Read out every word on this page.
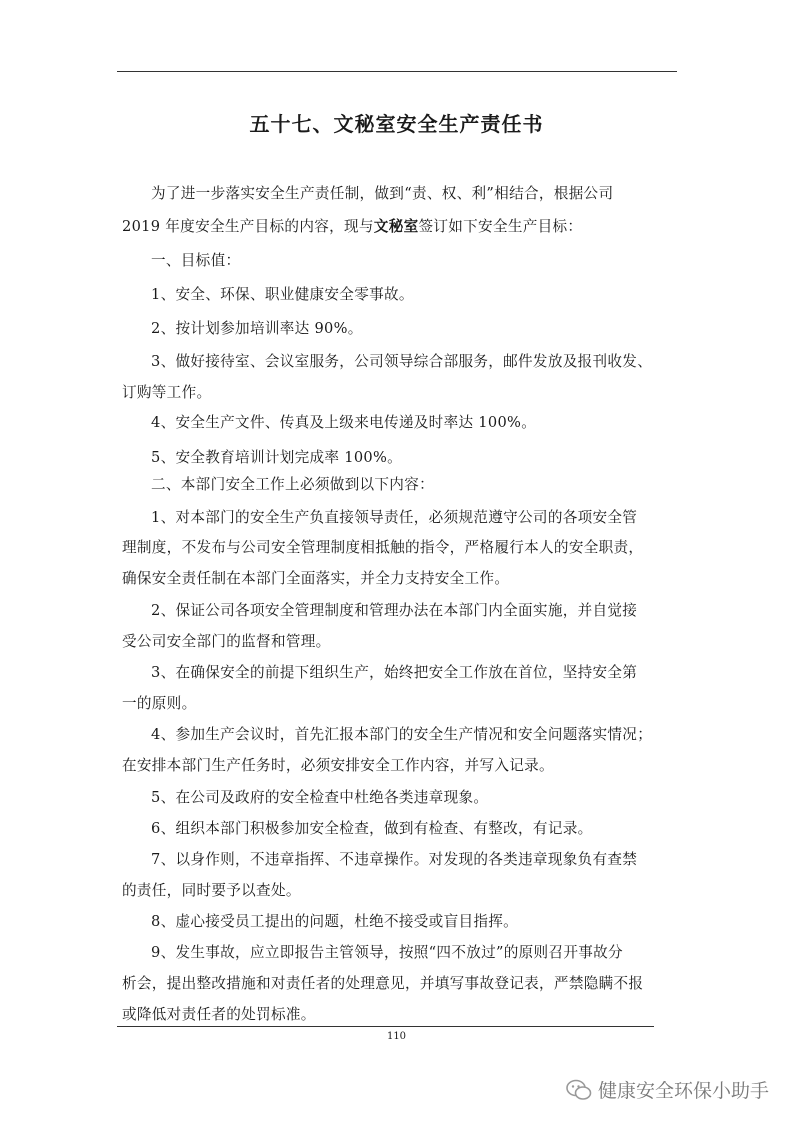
五十七、文秘室安全生产责任书
为了进一步落实安全生产责任制，做到“责、权、利”相结合，根据公司
2019 年度安全生产目标的内容，现与文秘室签订如下安全生产目标：
一、目标值：
1、安全、环保、职业健康安全零事故。
2、按计划参加培训率达 90%。
3、做好接待室、会议室服务，公司领导综合部服务，邮件发放及报刊收发、
订购等工作。
4、安全生产文件、传真及上级来电传递及时率达 100%。
5、安全教育培训计划完成率 100%。
二、本部门安全工作上必须做到以下内容：
1、对本部门的安全生产负直接领导责任，必须规范遵守公司的各项安全管
理制度，不发布与公司安全管理制度相抵触的指令，严格履行本人的安全职责，
确保安全责任制在本部门全面落实，并全力支持安全工作。
2、保证公司各项安全管理制度和管理办法在本部门内全面实施，并自觉接
受公司安全部门的监督和管理。
3、在确保安全的前提下组织生产，始终把安全工作放在首位，坚持安全第
一的原则。
4、参加生产会议时，首先汇报本部门的安全生产情况和安全问题落实情况；
在安排本部门生产任务时，必须安排安全工作内容，并写入记录。
5、在公司及政府的安全检查中杜绝各类违章现象。
6、组织本部门积极参加安全检查，做到有检查、有整改，有记录。
7、以身作则，不违章指挥、不违章操作。对发现的各类违章现象负有查禁
的责任，同时要予以查处。
8、虚心接受员工提出的问题，杜绝不接受或盲目指挥。
9、发生事故，应立即报告主管领导，按照“四不放过”的原则召开事故分
析会，提出整改措施和对责任者的处理意见，并填写事故登记表，严禁隐瞒不报
或降低对责任者的处罚标准。
110
健康安全环保小助手
